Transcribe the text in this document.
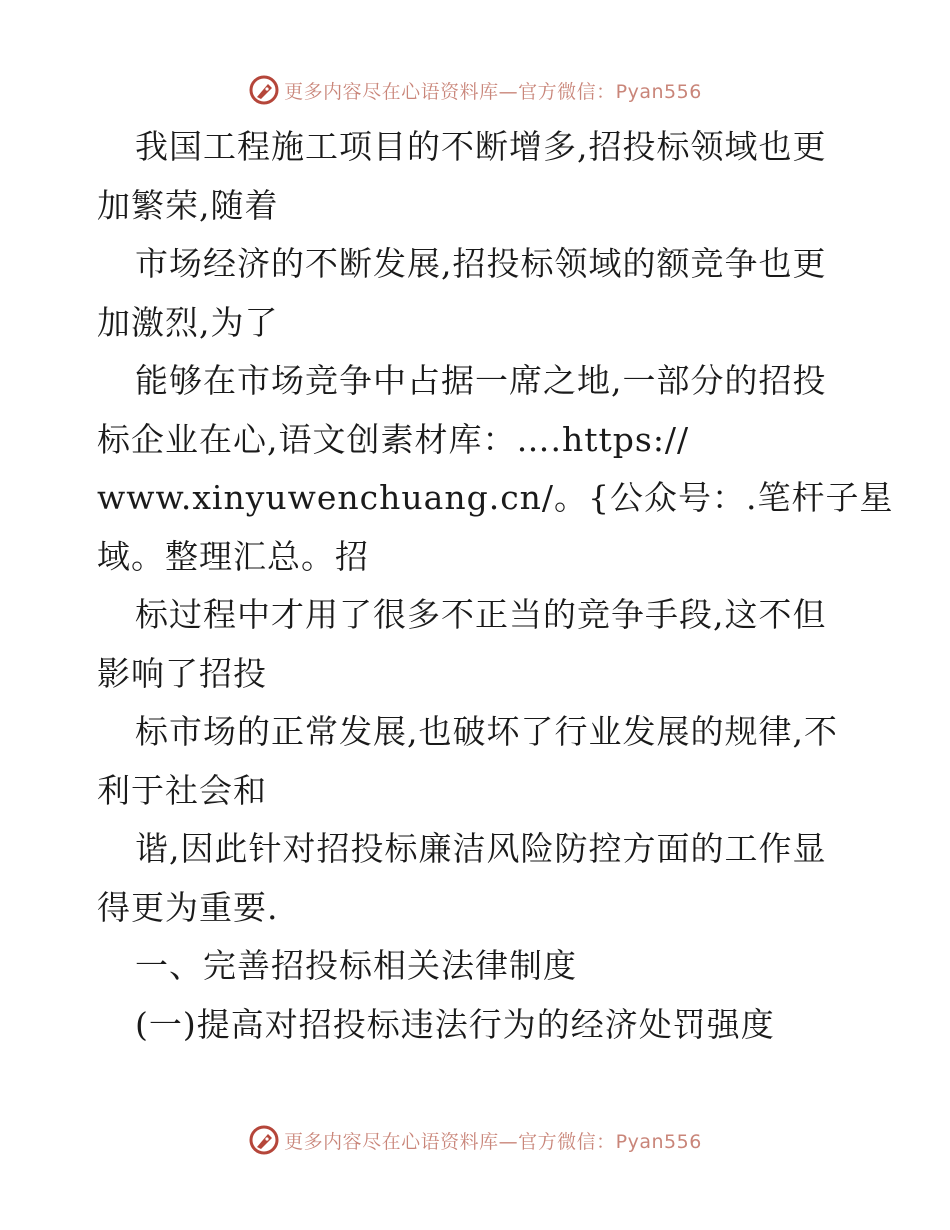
更多内容尽在心语资料库—官方微信：Pyan556
我国工程施工项目的不断增多,招投标领域也更
加繁荣,随着
市场经济的不断发展,招投标领域的额竞争也更
加激烈,为了
能够在市场竞争中占据一席之地,一部分的招投
标企业在心,语文创素材库：….https://
www.xinyuwenchuang.cn/。{公众号：.笔杆子星
域。整理汇总。招
标过程中才用了很多不正当的竞争手段,这不但
影响了招投
标市场的正常发展,也破坏了行业发展的规律,不
利于社会和
谐,因此针对招投标廉洁风险防控方面的工作显
得更为重要.
一、完善招投标相关法律制度
(一)提高对招投标违法行为的经济处罚强度
更多内容尽在心语资料库—官方微信：Pyan556
